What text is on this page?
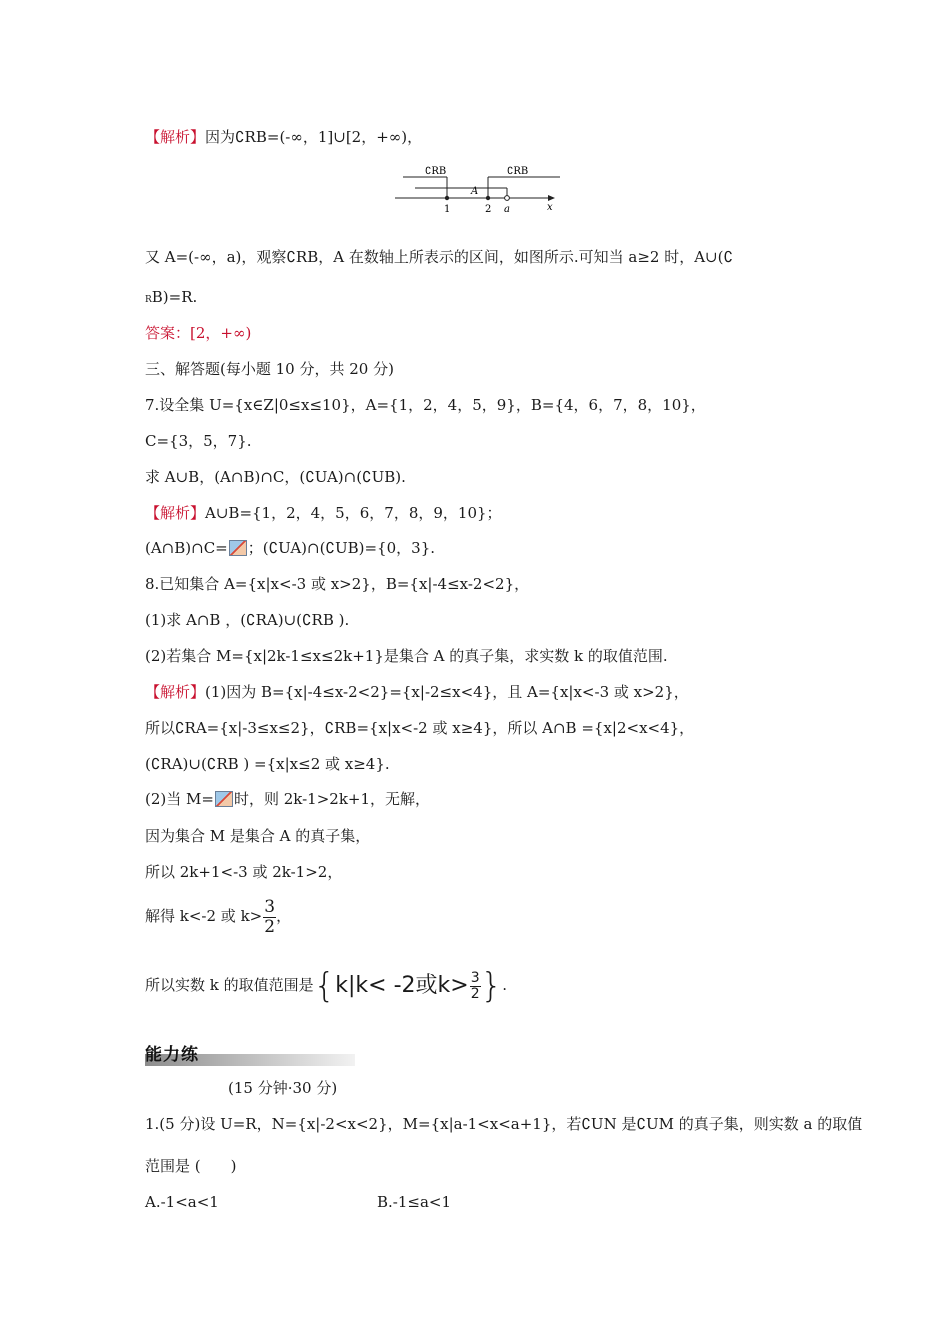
【解析】因为∁RB=(-∞，1]∪[2，+∞)，
∁RB	∁RB
A
1	2 a	x
又 A=(-∞，a)，观察∁RB，A 在数轴上所表示的区间，如图所示.可知当 a≥2 时，A∪(∁
RB)=R.
答案：[2，+∞)
三、解答题(每小题 10 分，共 20 分)
7.设全集 U={x∈Z|0≤x≤10}，A={1，2，4，5，9}，B={4，6，7，8，10}，
C={3，5，7}.
求 A∪B，(A∩B)∩C，(∁UA)∩(∁UB).
【解析】A∪B={1，2，4，5，6，7，8，9，10}；
(A∩B)∩C= ；(∁UA)∩(∁UB)={0，3}.
8.已知集合 A={x|x<-3 或 x>2}，B={x|-4≤x-2<2}，
(1)求 A∩B ，(∁RA)∪(∁RB ).
(2)若集合 M={x|2k-1≤x≤2k+1}是集合 A 的真子集，求实数 k 的取值范围.
【解析】(1)因为 B={x|-4≤x-2<2}={x|-2≤x<4}，且 A={x|x<-3 或 x>2}，
所以∁RA={x|-3≤x≤2}，∁RB={x|x<-2 或 x≥4}，所以 A∩B ={x|2<x<4}，
(∁RA)∪(∁RB ) ={x|x≤2 或 x≥4}.
(2)当 M= 时，则 2k-1>2k+1，无解，
因为集合 M 是集合 A 的真子集，
所以 2k+1<-3 或 2k-1>2，
解得 k<-2 或 $k> \frac{3}{2}$ ，
所以实数 k 的取值范围是{k|k< -2或$k> \frac{3}{2}$ }.
能力练
(15 分钟·30 分)
1.(5 分)设 U=R，N={x|-2<x<2}，M={x|a-1<x<a+1}，若∁UN 是∁UM 的真子集，则实数 a 的取值
范围是 (　　)
A.-1<a<1	B.-1≤a<1
